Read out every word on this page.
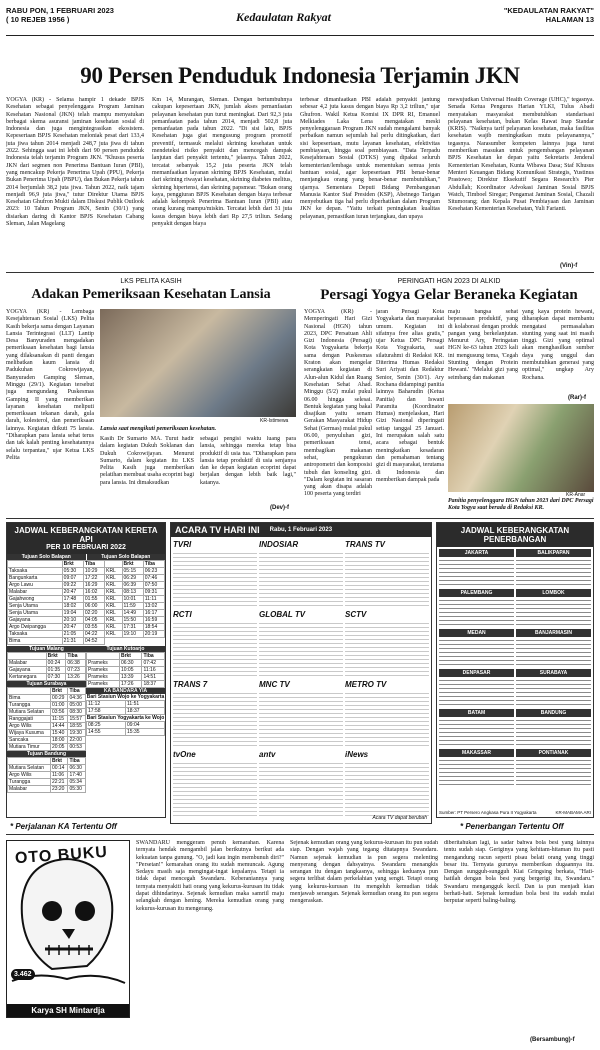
RABU PON, 1 FEBRUARI 2023
( 10 REJEB 1956 )	Kedaulatan Rakyat	"KEDAULATAN RAKYAT"
HALAMAN 13
90 Persen Penduduk Indonesia Terjamin JKN
YOGYA (KR) - Selama hampir 1 dekade BPJS Kesehatan sebagai penyelenggara Program Jaminan Kesehatan Nasional (JKN) telah mampu menyatukan berbagai skema asuransi jaminan kesehatan sosial di Indonesia dan juga mengintegrasikan ekosistem. Kepesertaan BPJS Kesehatan meloniak pesat dari 133,4 juta jiwa tahun 2014 menjadi 248,7 juta jiwa di tahun 2022. Sehingga saat ini lebih dari 90 persen penduduk Indonesia telah terjamin Program JKN. "Khusus peserta JKN dari segmen non Penerima Bantuan Iuran (PBI), yang mencakup Pekerja Penerima Upah (PPU), Pekerja Bukan Penerima Upah (PBPU), dan Bukan Pekerja tahun 2014 berjumlah 38,2 juta jiwa. Tahun 2022, naik tajam menjadi 96,9 juta jiwa," tutur Direktur Utama BPJS Kesehatan Ghufron Mukti dalam Diskusi Publik Outlook 2023: 10 Tahun Program JKN, Senin (30/1) yang disiarkan daring di Kantor BPJS Kesehatan Cabang Sleman, Jalan Magelang
Km 14, Murangan, Sleman. Dengan bertumbuhnya cakupan kepesertaan JKN, jumlah akses pemanfaatan pelayanan kesehatan pun turut meningkat. Dari 92,3 juta pemanfaatan pada tahun 2014, menjadi 502,8 juta pemanfaatan pada tahun 2022. "Di sisi lain, BPJS Kesehatan juga giat mengusung program promotif preventif, termasuk melalui skrining kesehatan untuk mendeteksi risiko penyakit dan mencegah dampak lanjutan dari penyakit tertentu," jelasnya. Tahun 2022, tercatat sebanyak 15,2 juta peserta JKN telah memanfaatkan layanan skrining BPJS Kesehatan, mulai dari skrining riwayat kesehatan, skrining diabetes melitus, skrining hipertensi, dan skrining papsmear. "Bukan orang kaya, penggiuran BPJS Kesehatan dengan biaya terbesar adalah kelompok Penerima Bantuan Iuran (PBI) atau orang kurang mampu/miskin. Tercatat lebih dari 31 juta kasus dengan biaya lebih dari Rp 27,5 triliun. Sedang penyakit dengan biaya
terbesar dimanfaatkan PBI adalah penyakit jantung sebesar 4,2 juta kasus dengan biaya Rp 3,2 triliun," ujar Ghufron. Wakil Ketua Komisi IX DPR RI, Emanuel Melkiades Laka Lena mengatakan meski penyelenggaraan Program JKN sudah mengalami banyak perbaikan namun sejumlah hal perlu ditingkatkan, dari sisi kepesertaan, mutu layanan kesehatan, efektivitas pembiayaan, hingga soal pembiayaan. "Data Terpadu Kesejahteraan Sosial (DTKS) yang dipakai seluruh kementerian/lembaga untuk menentukan semua jenis bantuan sosial, agar kepesertaan PBI benar-benar menjangkau orang yang benar-benar membutuhkan," ujarnya. Sementara Deputi Bidang Pembangunan Manusia Kantor Staf Presiden (KSP), Abetnego Tarigan menyebutkan tiga hal perlu diperhatikan dalam Program JKN ke depan. "Yaitu terkait peningkatan kualitas pelayanan, pemastikan iuran terjangkau, dan upaya
mewujudkan Universal Health Coverage (UHC)," tegasnya. Senada Ketua Pengurus Harian YLKI, Tulus Abadi menyatakan masyarakat membutuhkan standarisasi pelayanan kesehatan, bukan Kelas Rawat Inap Standar (KRIS). "Naiknya tarif pelayanan kesehatan, maka fasilitas kesehatan wajib meningkatkan mutu pelayanannya," tegasnya. Narasumber kompeten lainnya juga turut memberikan masukan untuk pengembangan pelayanan BPJS Kesehatan ke depan yaitu Sekretaris Jenderal Kementerian Kesehatan, Kunta Wibawa Dasa; Staf Khusus Menteri Keuangan Bidang Komunikasi Strategis, Yustinus Prastowo; Direktur Eksekutif Segara Research's Pier Abdullah; Koordinator Advokasi Jaminan Sosial BPJS Watch, Timboel Siregar; Pengamat Jaminan Sosial, Chazali Situmorang; dan Kepala Pusat Pembiayaan dan Jaminan Kesehatan Kementerian Kesehatan, Yuli Farianti.
(Vin)-f
LKS PELITA KASIH
Adakan Pemeriksaan Kesehatan Lansia
YOGYA (KR) - Lembaga Kesejahteraan Sosial (LKS) Pelita Kasih bekerja sama dengan Layanan Lansia Terintegrasi (LLT) Lantip Desa Banyuraden mengadakan pemeriksaan kesehatan bagi lansia yang dilaksanakan di panti dengan melibatkan kaum lansia di Padukuhan Cokrowijayan, Banyuraden Gamping Sleman, Minggu (29/1). Kegiatan tersebut juga mengundang Puskesmas Gamping II yang memberikan layanan kesehatan meliputi pemeriksaan tekanan darah, gula darah, kolesterol, dan pemeriksaan lainnya. Kegiatan diikuti 75 lansia. "Diharapkan para lansia sehat terus dan tak kalah penting kesehatannya selalu terpantau," ujar Ketua LKS Pelita
KR-Istimewa
Lansia saat mengikuti pemeriksaan kesehatan.
Kasih Dr Sumarto MA. Turut hadir dalam kegiatan Dukuh Soklanan dan Dukuh Cokrowijayan. Menurut Sumarto, dalam kegiatan itu LKS Pelita Kasih juga memberikan pelatihan membuat usaha ecoprint bagi para lansia. Ini dimaksudkan
sebagai pengisi waktu luang para lansia, sehingga mereka tetap bisa produktif di usia tua. "Diharapkan para lansia tetap produktif di usia senjanya dan ke depan kegiatan ecoprint dapat berjalan dengan lebih baik lagi," katanya.
(Dev)-f
PERINGATI HGN 2023 DI ALKID
Persagi Yogya Gelar Beraneka Kegiatan
YOGYA (KR) - Memperingati Hari Gizi Nasional (HGN) tahun 2023, DPC Persatuan Ahli Gizi Indonesia (Persagi) Kota Yogyakarta bekerja sama dengan Puskesmas Kraton akan mengelar serangkaian kegiatan di Alun-alun Kidul dan Ruang Kesehatan Sehat Ahad. Minggu (5/2) mulai pukul 06.00 hingga selesai. Bentuk kegiatan yang bakal disajikan yaitu senam Gerakan Masyarakat Hidup Sehat (Germas) mulai pukul 06.00, penyuluhan gizi, pemeriksaan tensi, membagikan makanan sehat, pengukuran antropometri dan komposisi tubuh dan konseling gizi. "Dalam kegiatan ini sasaran yang akan disapa adalah 100 peserta yang terdiri
jaran Persagi Kota Yogyakarta dan masyarakat umum. Kegiatan ini sifatnya free alias gratis," ujar Ketua DPC Persagi Kota Yogyakarta, saat silaturahmi di Redaksi KR. Diterima Humas Redaksi Suri Ariyati dan Redaktur Senior, Senin (30/1). Ary Rochana didampingi panitia lainnya Baharudin (Ketua Panitia) dan Iswani Paramita (Koordinator Humas) menjelaskan, Hari Gizi Nasional diperingati setiap tanggal 25 Januari. Ini merupakan salah satu acara sebagai bentuk meningkatkan kesadaran dan pemahaman tentang gizi di masyarakat, terutama di Indonesia dan memberikan dampak pada
maju bangsa sehat beperasaan produktif, yang di kolaborasi dengan produk pangan yang berkelanjutan. Menurut Ary, Peringatan HGN ke-63 tahun 2023 kali ini mengusung tema, 'Cegah Stunting dengan Protein Hewani.' "Melalui gizi yang seimbang dan makanan
yang kaya protein hewani, diharapkan dapat membantu mengatasi permasalahan stunting yang saat ini masih tinggi. Gizi yang optimal akan menghasilkan sumber daya yang unggul dan membutuhkan generasi yang optimal," ungkap Ary Rochana.
(Rar)-f
KR-Anar
Panitia penyelenggara HGN tahun 2023 dari DPC Persagi Kota Yogya saat berada di Redaksi KR.
JADWAL KEBERANGKATAN KERETA API
PER 10 FEBRUARI 2022
Tujuan Solo Balapan	Tujuan Solo Balapan
	Brkt	Tiba		Brkt	Tiba
Taksaka	05:30	10:29	KRL	05:15	06:23
Bangunkarta	09:07	17:22	KRL	06:29	07:46
Argo Lawu	09:22	16:29	KRL	06:39	07:50
Malabar	20:47	16:02	KRL	08:13	09:31
Gajahwong	17:48	01:55	KRL	10:01	11:11
Senja Utama	18:02	06:00	KRL	11:59	13:02
Senja Utama	19:04	02:20	KRL	14:49	16:17
Gajayana	20:10	04:05	KRL	15:50	16:59
Argo Dwipangga	20:47	03:55	KRL	17:31	18:54
Taksaka	21:05	04:22	KRL	19:10	20:19
Bima	21:31	04:52			
Tujuan Malang
	Brkt	Tiba
Malabar	00:24	06:38
Gajayana	01:35	07:23
Kertanegara	07:30	13:26
Tujuan Surabaya
	Brkt	Tiba
Bima	00:29	04:36
Turangga	01:00	05:00
Mutiara Selatan	03:56	08:30
Ranggajati	11:15	15:57
Argo Wilis	14:44	18:55
Wijaya Kusuma	15:40	19:30
Sancaka	18:00	22:00
Mutiara Timur	20:05	00:53
Tujuan Bandung
	Brkt	Tiba
Mutiara Selatan	00:14	06:30
Argo Wilis	11:06	17:40
Turangga	22:21	05:34
Malabar	23:20	05:30
Tujuan Kutoarjo
	Brkt	Tiba
Prameks	06:30	07:42
Prameks	10:05	11:16
Prameks	13:39	14:51
Prameks	17:26	18:37
KA BANDARA YIA
Bari Stasiun Wojo ke Yogyakarta
11:12	11:51
17:58	18:37
Bari Stasiun Yogyakarta ke Wojo
08:25	09:04
14:55	15:35
* Perjalanan KA Tertentu Off
ACARA TV HARI INI Rabu, 1 Februari 2023
TVRI	INDOSIAR	TRANS TV
RCTI	GLOBAL TV	SCTV
TRANS 7	MNC TV	METRO TV
tvOne	antv	iNews
Acara TV dapat berubah
JADWAL KEBERANGKATAN PENERBANGAN
JAKARTA	BALIKPAPAN
PALEMBANG	LOMBOK
MEDAN	BANJARMASIN
DENPASAR	SURABAYA
BATAM	BANDUNG
MAKASSAR	PONTIANAK
Sumber: PT Persero Angkasa Pura II Yogyakarta	KR-MABAMA ARI
* Penerbangan Tertentu Off
OTO BUKU
3.462
Karya SH Mintardja
SWANDARU menggeram penuh kemarahan. Karena ternyata hendak mengambil jalan berikutnya berikut ada kekuatan tanpa gunung. "O, jadi kau ingin membunuh diri?" "Persetan!" kemarahan orang itu sudah memuncak. Agung Sedayu masih saja mengingat-ingat kepalanya. Tetapi ia tidak dapat mencegah Swandaru. Keberaniannya yang ternyata menyakiti hati orang yang kekurus-kurusan itu tidak dapat dihindarinya. Sejenak kemudian maka samriil maju selangkah dengan hening. Mereka kemudian orang yang kekurus-kurusan itu mengerang.
Sejenak kemudian orang yang kekurus-kurusan itu pun sudah siap. Dengan wajah yang tegang ditatapnya Swandaru. Namun sejenak kemudian ia pun segera melenting menyerang dengan dahsyatnya. Swandaru menangkis serangan itu dengan tangkasnya, sehingga keduanya pun segera terlibat dalam perkelahian yang sengit. Tetapi orang yang kekurus-kurusan itu mengeluh kemudian tidak menjawab serangan. Sejenak kemudian orang itu pun segera mengeraskan.
diberitahukan lagi, ia sadar bahwa bola besi yang lainnya tentu sudah siap. Geriginya yang kehitam-hitaman itu pasti mengandung racun seperti pisau belati orang yang tinggi besar itu. Ternyata gurunya memberikan dugaannya itu. Dengan sungguh-sungguh Kiai Gringsing berkata, "Hati-hatilah dengan bola besi yang bergerigi itu, Swandaru." Swandaru mengangguk kecil. Dan ia pun menjadi kian berhati-hati. Sejenak kemudian bola besi itu sudah mulai berputar seperti baling-baling.
(Bersambung)-f
